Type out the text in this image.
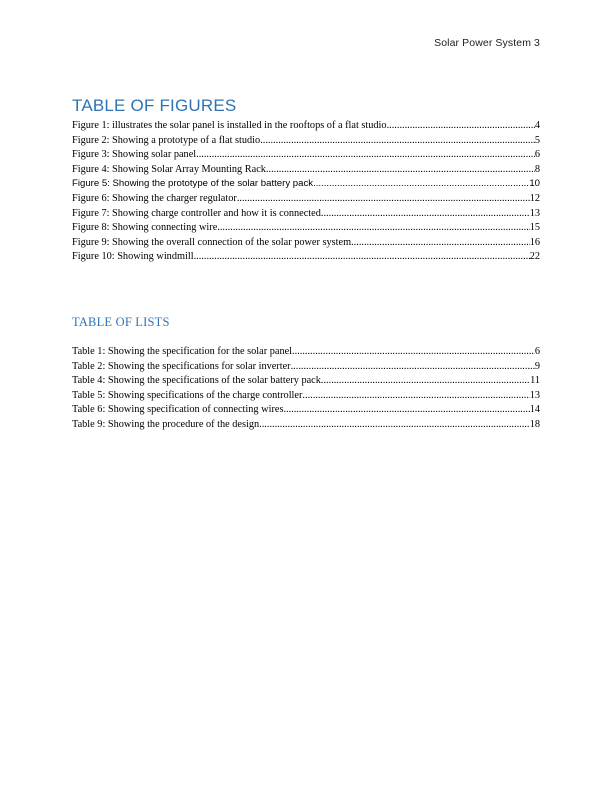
Solar Power System 3
TABLE OF FIGURES
Figure 1: illustrates the solar panel is installed in the rooftops of a flat studio .....	4
Figure 2: Showing a prototype of a flat studio .....	5
Figure 3: Showing solar panel .....	6
Figure 4: Showing Solar Array Mounting Rack .....	8
Figure 5: Showing the prototype of the solar battery pack .....	10
Figure 6: Showing the charger regulator .....	12
Figure 7: Showing charge controller and how it is connected .....	13
Figure 8: Showing connecting wire .....	15
Figure 9: Showing the overall connection of the solar power system .....	16
Figure 10: Showing windmill .....	22
TABLE OF LISTS
Table 1: Showing the specification for the solar panel .....	6
Table 2: Showing the specifications for solar inverter .....	9
Table 4: Showing the specifications of the solar battery pack .....	11
Table 5: Showing specifications of the charge controller .....	13
Table 6: Showing specification of connecting wires .....	14
Table 9: Showing the procedure of the design .....	18
